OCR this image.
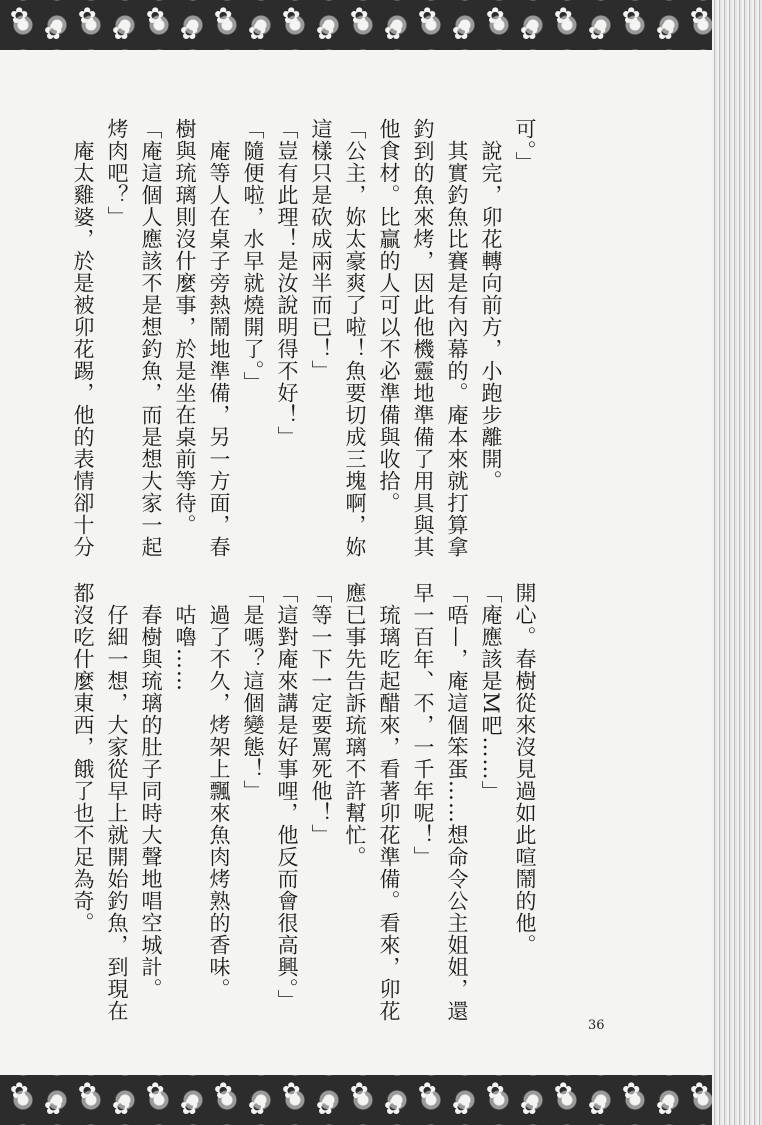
✿
✿
✿
✿
✿
✿
✿
✿
✿
✿
✿
✿
✿
✿
✿
✿
✿
✿
✿
✿
✿
✿
✿
✿
✿
✿
✿
✿
✿
✿
✿
✿
✿
✿
✿
✿
✿
✿
✿
✿
✿
✿
可。」
　說完，卯花轉向前方，小跑步離開。
　其實釣魚比賽是有內幕的。庵本來就打算拿
釣到的魚來烤，因此他機靈地準備了用具與其
他食材。比贏的人可以不必準備與收拾。
「公主，妳太豪爽了啦！魚要切成三塊啊，妳
這樣只是砍成兩半而已！」
「豈有此理！是汝說明得不好！」
「隨便啦，水早就燒開了。」
　庵等人在桌子旁熱鬧地準備，另一方面，春
樹與琉璃則沒什麼事，於是坐在桌前等待。
「庵這個人應該不是想釣魚，而是想大家一起
烤肉吧？」
　庵太雞婆，於是被卯花踢，他的表情卻十分
開心。春樹從來沒見過如此喧鬧的他。
「庵應該是M吧……」
「唔—，庵這個笨蛋……想命令公主姐姐，還
早一百年、不，一千年呢！」
　琉璃吃起醋來，看著卯花準備。看來，卯花
應已事先告訴琉璃不許幫忙。
「等一下一定要罵死他！」
「這對庵來講是好事哩，他反而會很高興。」
「是嗎？這個變態！」
　過了不久，烤架上飄來魚肉烤熟的香味。
　咕嚕……
　春樹與琉璃的肚子同時大聲地唱空城計。
　仔細一想，大家從早上就開始釣魚，到現在
都沒吃什麼東西，餓了也不足為奇。
36
